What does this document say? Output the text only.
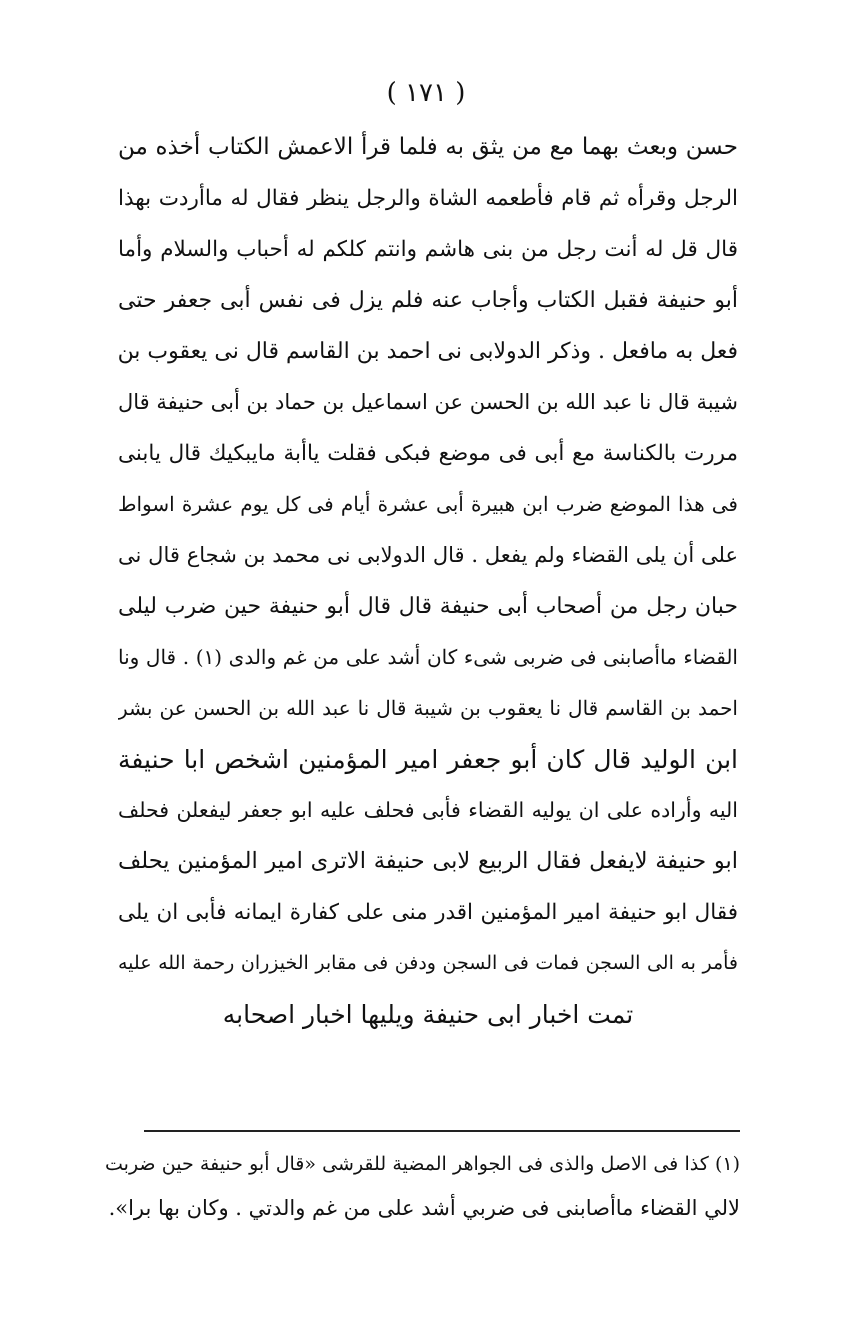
( ١٧١ )
حسن وبعث بهما مع من يثق به فلما قرأ الاعمش الكتاب أخذه من
الرجل وقرأه ثم قام فأطعمه الشاة والرجل ينظر فقال له ماأردت بهذا
قال قل له أنت رجل من بنى هاشم وانتم كلكم له أحباب والسلام وأما
أبو حنيفة فقبل الكتاب وأجاب عنه فلم يزل فى نفس أبى جعفر حتى
فعل به مافعل . وذكر الدولابى نى احمد بن القاسم قال نى يعقوب بن
شيبة قال نا عبد الله بن الحسن عن اسماعيل بن حماد بن أبى حنيفة قال
مررت بالكناسة مع أبى فى موضع فبكى فقلت ياأبة مايبكيك قال يابنى
فى هذا الموضع ضرب ابن هبيرة أبى عشرة أيام فى كل يوم عشرة اسواط
على أن يلى القضاء ولم يفعل . قال الدولابى نى محمد بن شجاع قال نى
حبان رجل من أصحاب أبى حنيفة قال قال أبو حنيفة حين ضرب ليلى
القضاء ماأصابنى فى ضربى شىء كان أشد على من غم والدى (١) . قال ونا
احمد بن القاسم قال نا يعقوب بن شيبة قال نا عبد الله بن الحسن عن بشر
ابن الوليد قال كان أبو جعفر امير المؤمنين اشخص ابا حنيفة
اليه وأراده على ان يوليه القضاء فأبى فحلف عليه ابو جعفر ليفعلن فحلف
ابو حنيفة لايفعل فقال الربيع لابى حنيفة الاترى امير المؤمنين يحلف
فقال ابو حنيفة امير المؤمنين اقدر منى على كفارة ايمانه فأبى ان يلى
فأمر به الى السجن فمات فى السجن ودفن فى مقابر الخيزران رحمة الله عليه
تمت اخبار ابى حنيفة ويليها اخبار اصحابه
(١) كذا فى الاصل والذى فى الجواهر المضية للقرشى «قال أبو حنيفة حين ضربت
لالي القضاء ماأصابنى فى ضربي أشد على من غم والدتي . وكان بها برا».
